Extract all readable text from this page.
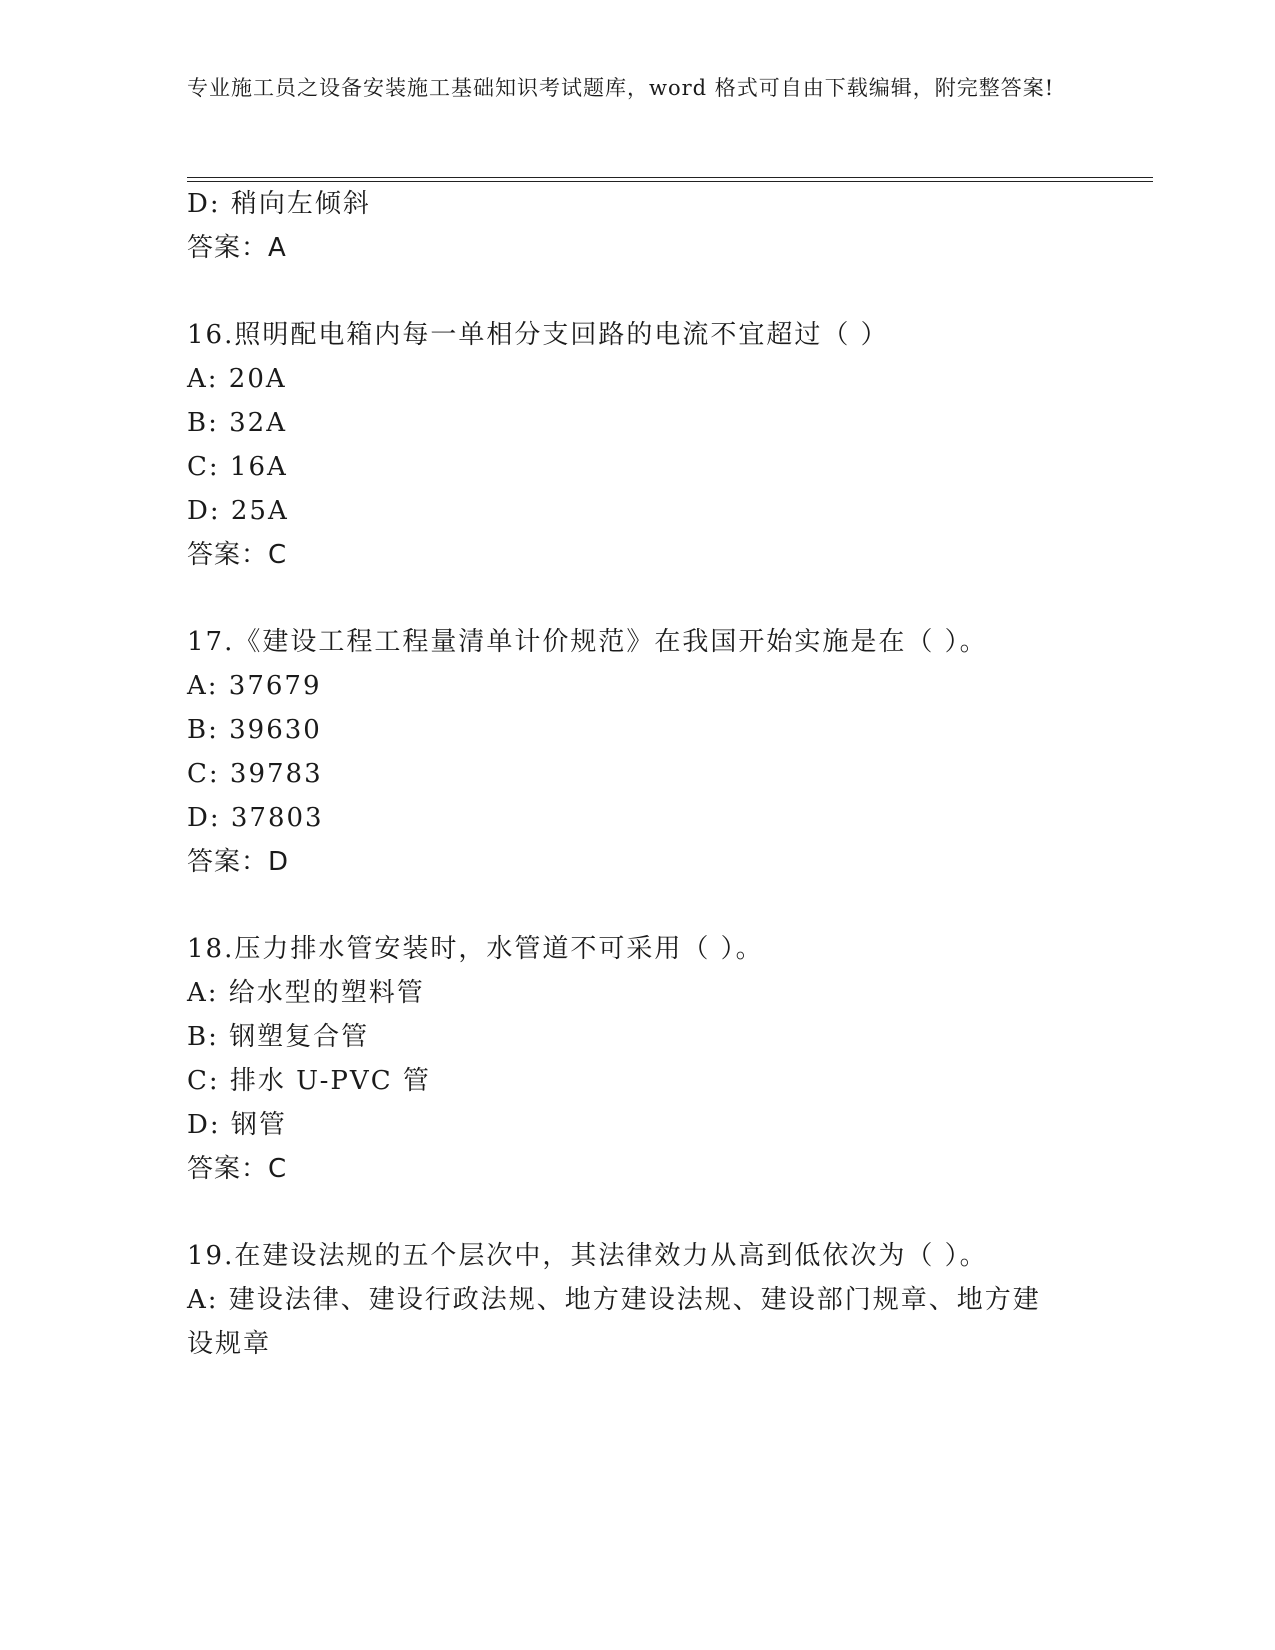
专业施工员之设备安装施工基础知识考试题库，word 格式可自由下载编辑，附完整答案!
D: 稍向左倾斜
答案：A
16.照明配电箱内每一单相分支回路的电流不宜超过（ ）
A: 20A
B: 32A
C: 16A
D: 25A
答案：C
17.《建设工程工程量清单计价规范》在我国开始实施是在（ ）。
A: 37679
B: 39630
C: 39783
D: 37803
答案：D
18.压力排水管安装时，水管道不可采用（ ）。
A: 给水型的塑料管
B: 钢塑复合管
C: 排水 U-PVC 管
D: 钢管
答案：C
19.在建设法规的五个层次中，其法律效力从高到低依次为（ ）。
A: 建设法律、建设行政法规、地方建设法规、建设部门规章、地方建设规章
